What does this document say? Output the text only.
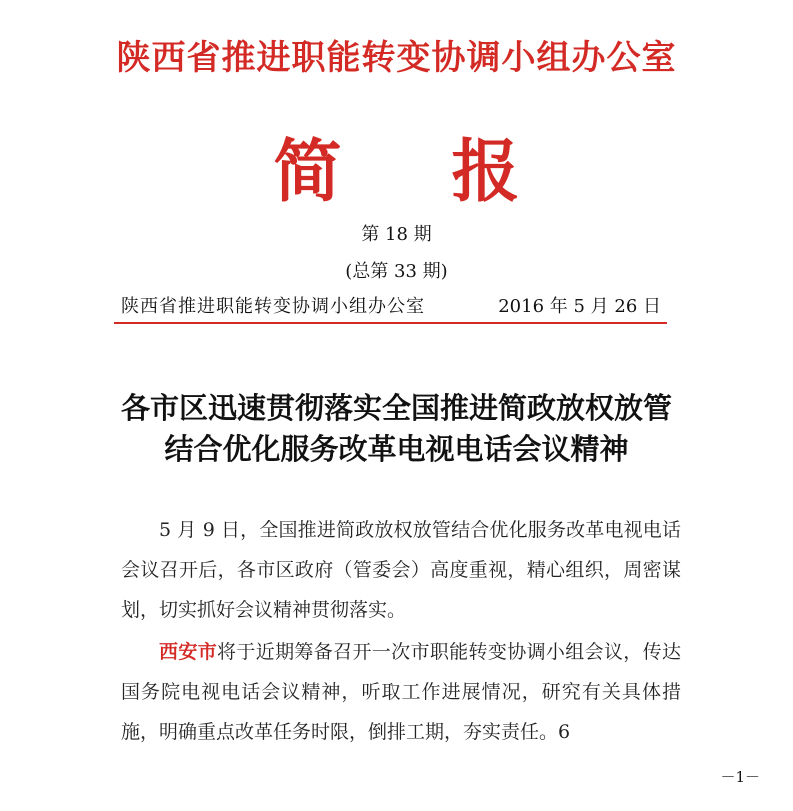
陕西省推进职能转变协调小组办公室
简报
第 18 期
(总第 33 期)
陕西省推进职能转变协调小组办公室	2016 年 5 月 26 日
各市区迅速贯彻落实全国推进简政放权放管
结合优化服务改革电视电话会议精神

5 月 9 日，全国推进简政放权放管结合优化服务改革电视电话会议召开后，各市区政府（管委会）高度重视，精心组织，周密谋划，切实抓好会议精神贯彻落实。

西安市将于近期筹备召开一次市职能转变协调小组会议，传达国务院电视电话会议精神，听取工作进展情况，研究有关具体措施，明确重点改革任务时限，倒排工期，夯实责任。6

－1－
